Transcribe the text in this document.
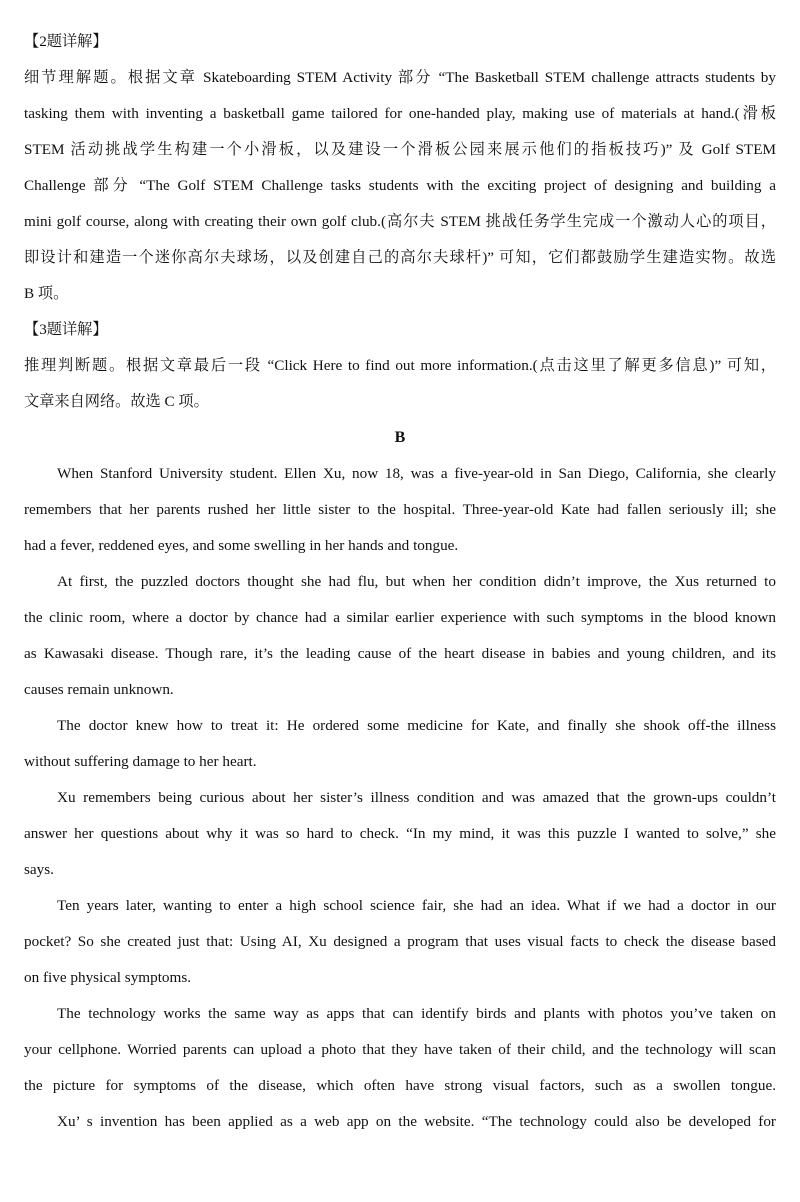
【2题详解】
细节理解题。根据文章 Skateboarding STEM Activity 部分 “The Basketball STEM challenge attracts students by
tasking them with inventing a basketball game tailored for one-handed play, making use of materials at hand.(滑板
STEM 活动挑战学生构建一个小滑板，以及建设一个滑板公园来展示他们的指板技巧)” 及 Golf STEM
Challenge 部分 “The Golf STEM Challenge tasks students with the exciting project of designing and building a
mini golf course, along with creating their own golf club.(高尔夫 STEM 挑战任务学生完成一个激动人心的项目，
即设计和建造一个迷你高尔夫球场，以及创建自己的高尔夫球杆)” 可知，它们都鼓励学生建造实物。故选
B 项。
【3题详解】
推理判断题。根据文章最后一段 “Click Here to find out more information.(点击这里了解更多信息)” 可知，
文章来自网络。故选 C 项。
B
When Stanford University student. Ellen Xu, now 18, was a five-year-old in San Diego, California, she clearly
remembers that her parents rushed her little sister to the hospital. Three-year-old Kate had fallen seriously ill; she
had a fever, reddened eyes, and some swelling in her hands and tongue.
At first, the puzzled doctors thought she had flu, but when her condition didn’t improve, the Xus returned to
the clinic room, where a doctor by chance had a similar earlier experience with such symptoms in the blood known
as Kawasaki disease. Though rare, it’s the leading cause of the heart disease in babies and young children, and its
causes remain unknown.
The doctor knew how to treat it: He ordered some medicine for Kate, and finally she shook off-the illness
without suffering damage to her heart.
Xu remembers being curious about her sister’s illness condition and was amazed that the grown-ups couldn’t
answer her questions about why it was so hard to check. “In my mind, it was this puzzle I wanted to solve,” she
says.
Ten years later, wanting to enter a high school science fair, she had an idea. What if we had a doctor in our
pocket? So she created just that: Using AI, Xu designed a program that uses visual facts to check the disease based
on five physical symptoms.
The technology works the same way as apps that can identify birds and plants with photos you’ve taken on
your cellphone. Worried parents can upload a photo that they have taken of their child, and the technology will scan
the picture for symptoms of the disease, which often have strong visual factors, such as a swollen tongue.
Xu’ s invention has been applied as a web app on the website. “The technology could also be developed for
